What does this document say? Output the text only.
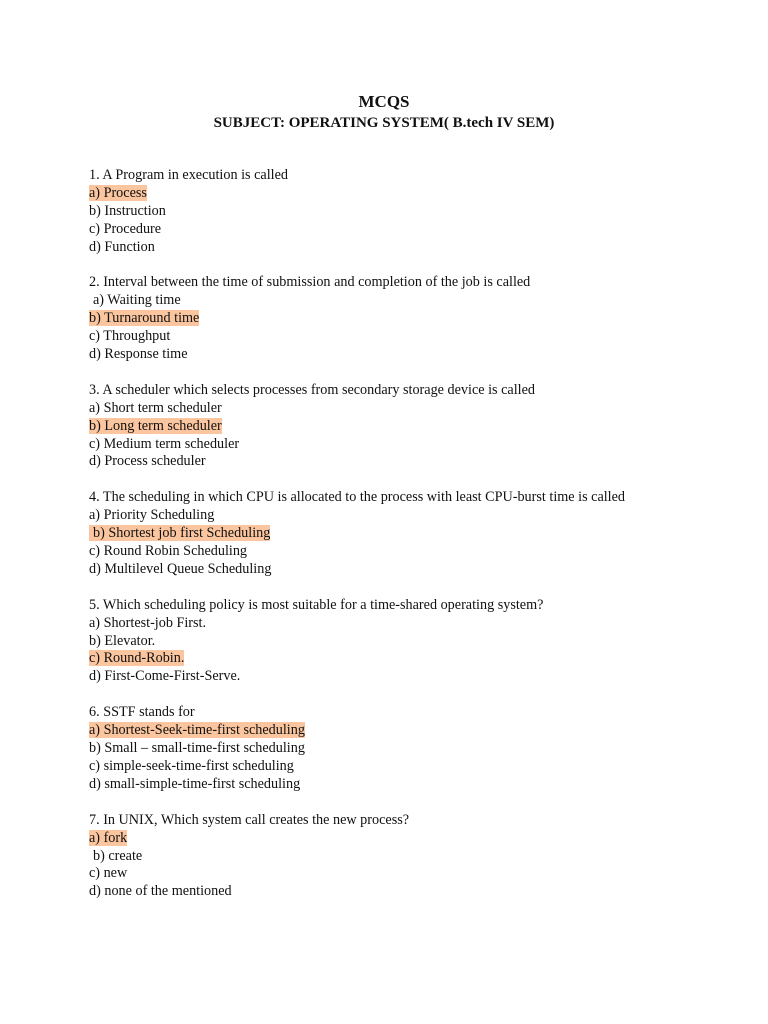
MCQS
SUBJECT: OPERATING SYSTEM( B.tech IV SEM)
1. A Program in execution is called
a) Process
b) Instruction
c) Procedure
d) Function
2. Interval between the time of submission and completion of the job is called
a) Waiting time
b) Turnaround time
c) Throughput
d) Response time
3. A scheduler which selects processes from secondary storage device is called
a) Short term scheduler
b) Long term scheduler
c) Medium term scheduler
d) Process scheduler
4. The scheduling in which CPU is allocated to the process with least CPU-burst time is called
a) Priority Scheduling
b) Shortest job first Scheduling
c) Round Robin Scheduling
d) Multilevel Queue Scheduling
5. Which scheduling policy is most suitable for a time-shared operating system?
a) Shortest-job First.
b) Elevator.
c) Round-Robin.
d) First-Come-First-Serve.
6. SSTF stands for
a) Shortest-Seek-time-first scheduling
b) Small – small-time-first scheduling
c) simple-seek-time-first scheduling
d) small-simple-time-first scheduling
7. In UNIX, Which system call creates the new process?
a) fork
b) create
c) new
d) none of the mentioned
